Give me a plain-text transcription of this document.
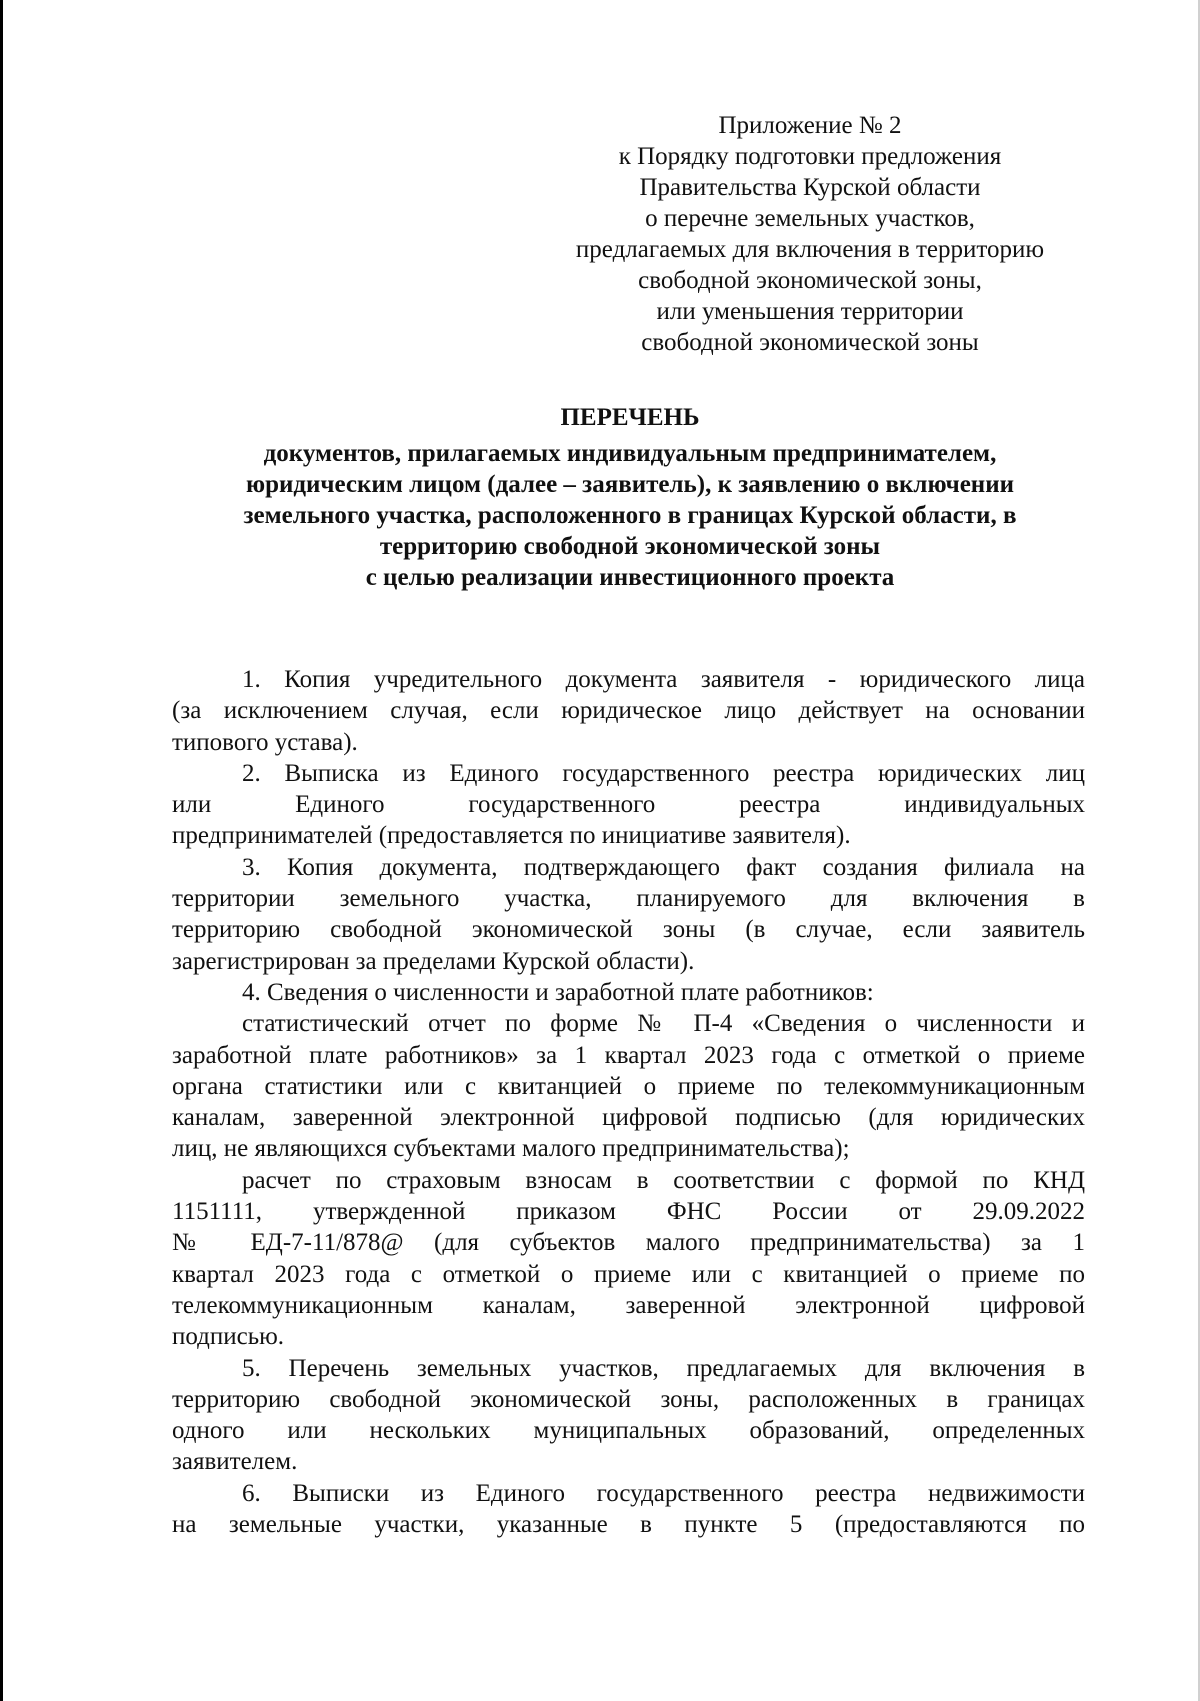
Приложение № 2
к Порядку подготовки предложения
Правительства Курской области
о перечне земельных участков,
предлагаемых для включения в территорию
свободной экономической зоны,
или уменьшения территории
свободной экономической зоны
ПЕРЕЧЕНЬ
документов, прилагаемых индивидуальным предпринимателем,
юридическим лицом (далее – заявитель), к заявлению о включении
земельного участка, расположенного в границах Курской области, в
территорию свободной экономической зоны
с целью реализации инвестиционного проекта

1. Копия учредительного документа заявителя - юридического лица
(за исключением случая, если юридическое лицо действует на основании
типового устава).

2. Выписка из Единого государственного реестра юридических лиц
или Единого государственного реестра индивидуальных
предпринимателей (предоставляется по инициативе заявителя).

3. Копия документа, подтверждающего факт создания филиала на
территории земельного участка, планируемого для включения в
территорию свободной экономической зоны (в случае, если заявитель
зарегистрирован за пределами Курской области).

4. Сведения о численности и заработной плате работников:

статистический отчет по форме № П-4 «Сведения о численности и
заработной плате работников» за 1 квартал 2023 года с отметкой о приеме
органа статистики или с квитанцией о приеме по телекоммуникационным
каналам, заверенной электронной цифровой подписью (для юридических
лиц, не являющихся субъектами малого предпринимательства);

расчет по страховым взносам в соответствии с формой по КНД
1151111, утвержденной приказом ФНС России от 29.09.2022
№ ЕД-7-11/878@ (для субъектов малого предпринимательства) за 1
квартал 2023 года с отметкой о приеме или с квитанцией о приеме по
телекоммуникационным каналам, заверенной электронной цифровой
подписью.

5. Перечень земельных участков, предлагаемых для включения в
территорию свободной экономической зоны, расположенных в границах
одного или нескольких муниципальных образований, определенных
заявителем.

6. Выписки из Единого государственного реестра недвижимости
на земельные участки, указанные в пункте 5 (предоставляются по
